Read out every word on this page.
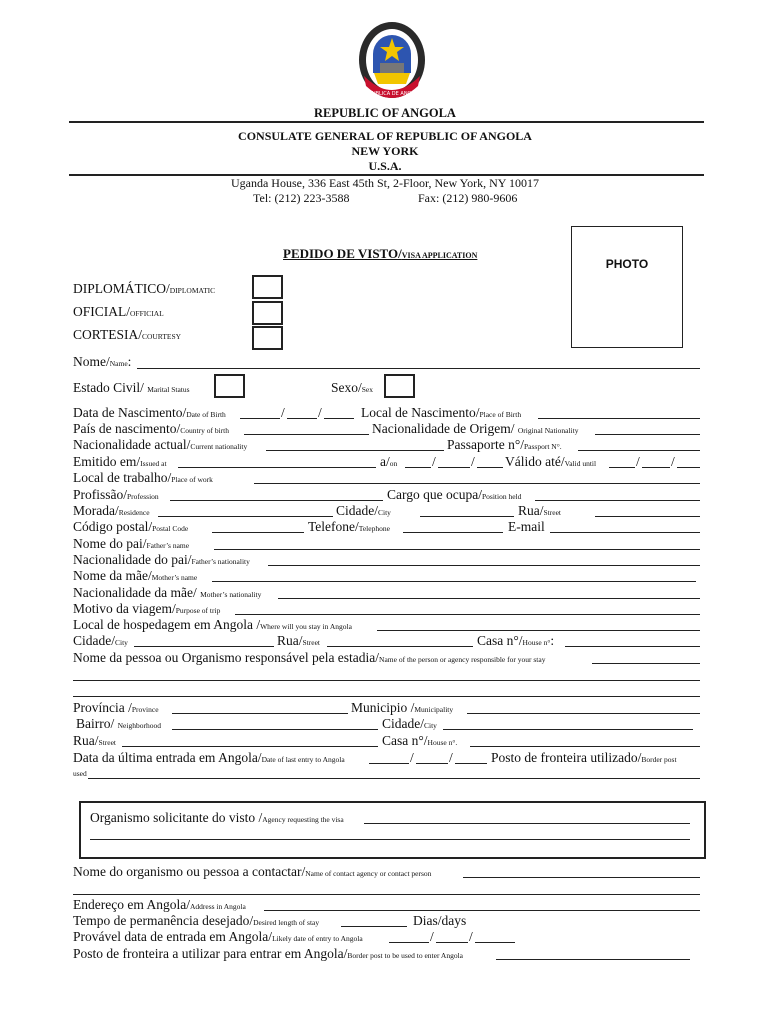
REPUBLICA DE ANGOLA
REPUBLIC OF ANGOLA
CONSULATE GENERAL OF REPUBLIC OF ANGOLA
NEW YORK
U.S.A.
Uganda House, 336 East 45th St, 2-Floor, New York, NY 10017
Tel: (212) 223-3588	Fax: (212) 980-9606
PEDIDO DE VISTO/VISA APPLICATION
PHOTO
DIPLOMÁTICO/DIPLOMATIC
OFICIAL/OFFICIAL
CORTESIA/COURTESY
Nome/Name:
Estado Civil/ Marital Status	Sexo/Sex
Data de Nascimento/Date of Birth	/ /	Local de Nascimento/Place of Birth
País de nascimento/Country of birth	Nacionalidade de Origem/ Original Nationality
Nacionalidade actual/Current nationality	Passaporte n°/Passport N°.
Emitido em/Issued at	a/on	/	/ Válido até/Valid until	/ /
Local de trabalho/Place of work
Profissão/Profession	Cargo que ocupa/Position held
Morada/Residence	Cidade/City	Rua/Street
Código postal/Postal Code	Telefone/Telephone	E-mail
Nome do pai/Father’s name
Nacionalidade do pai/Father’s nationality
Nome da mãe/Mother’s name
Nacionalidade da mãe/ Mother’s nationality
Motivo da viagem/Purpose of trip
Local de hospedagem em Angola /Where will you stay in Angola
Cidade/City	Rua/Street	Casa n°/House n°:
Nome da pessoa ou Organismo responsável pela estadia/Name of the person or agency responsible for your stay
Província /Province	Municipio /Municipality
Bairro/ Neighborhood	Cidade/City
Rua/Street	Casa n°/House n°.
Data da última entrada em Angola/Date of last entry to Angola	/	/	Posto de fronteira utilizado/Border post
used
Organismo solicitante do visto /Agency requesting the visa
Nome do organismo ou pessoa a contactar/Name of contact agency or contact person
Endereço em Angola/Address in Angola
Tempo de permanência desejado/Desired length of stay	Dias/days
Provável data de entrada em Angola/Likely date of entry to Angola	/	/
Posto de fronteira a utilizar para entrar em Angola/Border post to be used to enter Angola
